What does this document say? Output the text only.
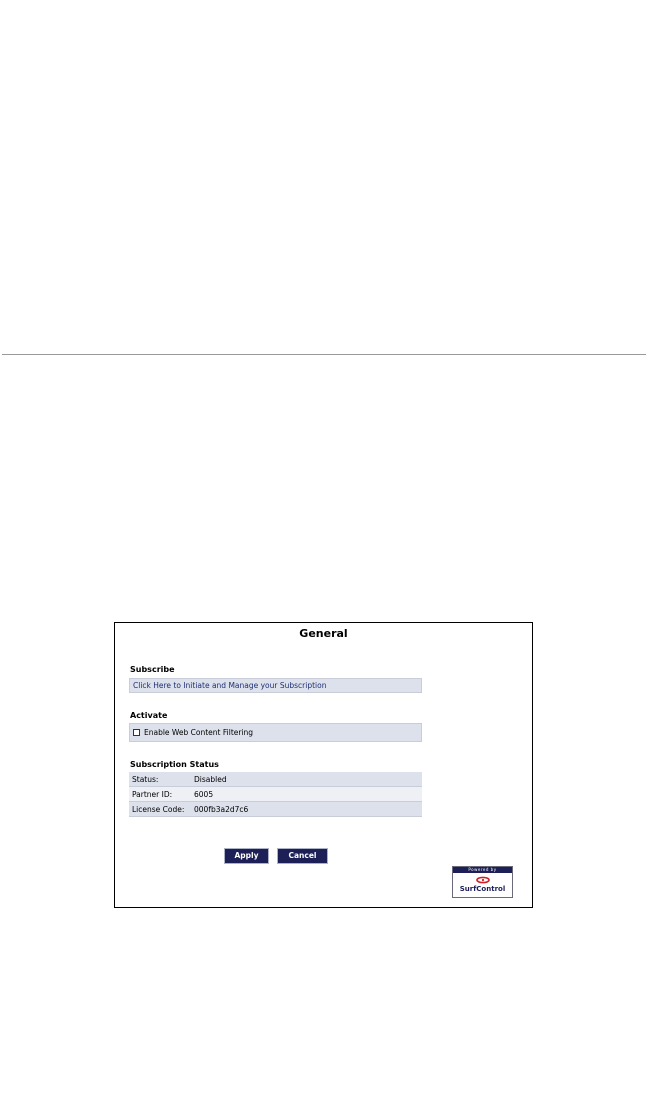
General
Subscribe
Click Here to Initiate and Manage your Subscription
Activate
Enable Web Content Filtering
Subscription Status
Status:	Disabled
Partner ID:	6005
License Code:	000fb3a2d7c6
Apply	Cancel
Powered by
SurfControl
